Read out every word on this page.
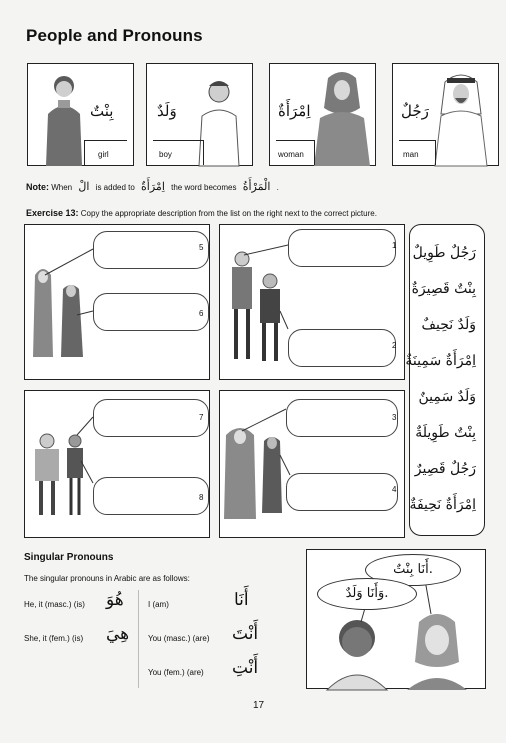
People and Pronouns
بِنْتٌ
girl
وَلَدٌ
boy
اِمْرَأَةٌ
woman
رَجُلٌ
man
Note: When الْ is added to اِمْرَأَةٌ the word becomes الْمَرْأَةُ .
Exercise 13: Copy the appropriate description from the list on the right next to the correct picture.
5
6
1
2
7
8
3
4
رَجُلٌ طَوِيلٌ
بِنْتٌ قَصِيرَةٌ
وَلَدٌ نَحِيفٌ
اِمْرَأَةٌ سَمِينَةٌ
وَلَدٌ سَمِينٌ
بِنْتٌ طَوِيلَةٌ
رَجُلٌ قَصِيرٌ
اِمْرَأَةٌ نَحِيفَةٌ
Singular Pronouns
The singular pronouns in Arabic are as follows:
He, it (masc.) (is) هُوَ
She, it (fem.) (is) هِيَ
I (am)	أَنَا
You (masc.) (are) أَنْتَ
You (fem.) (are) أَنْتِ
أَنَا بِنْتٌ.
وَأَنَا وَلَدٌ.
17
